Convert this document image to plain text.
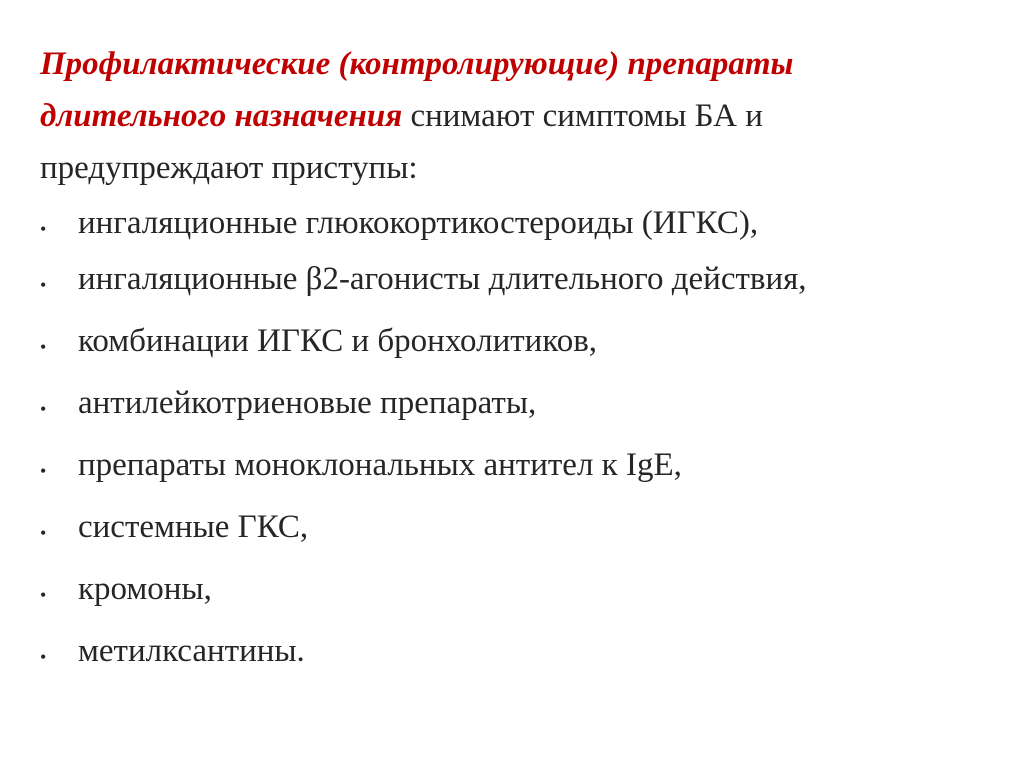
Профилактические (контролирующие) препараты длительного назначения снимают симптомы БА и предупреждают приступы:

• ингаляционные глюкокортикостероиды (ИГКС),
• ингаляционные β2-агонисты длительного действия,
• комбинации ИГКС и бронхолитиков,
• антилейкотриеновые препараты,
• препараты моноклональных антител к IgE,
• системные ГКС,
• кромоны,
• метилксантины.
